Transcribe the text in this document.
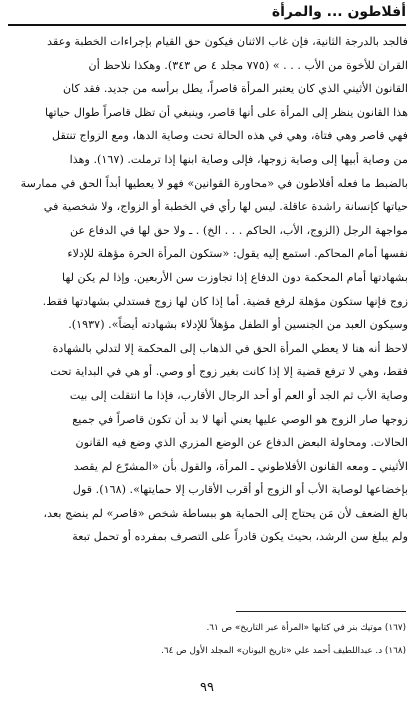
أفلاطون ... والمرأة
فالجد بالدرجة الثانية، فإن غاب الاثنان فيكون حق القيام بإجراءات الخطبة وعقد
القران للأخوة من الأب . . . » (٧٧٥ مجلد ٤ ص ٣٤٣). وهكذا نلاحظ أن
القانون الأثيني الذي كان يعتبر المرأة قاصراً، يطل برأسه من جديد. فقد كان
هذا القانون ينظر إلى المرأة على أنها قاصر، وينبغي أن تظل قاصراً طوال حياتها
فهي قاصر وهي فتاة، وهي في هذه الحالة تحت وصاية الدها، ومع الزواج تنتقل
من وصاية أبيها إلى وصاية زوجها، فإلى وصاية ابنها إذا ترملت. (١٦٧). وهذا
بالضبط ما فعله أفلاطون في «محاورة القوانين» فهو لا يعطيها أبداً الحق في ممارسة
حياتها كإنسانة راشدة عاقلة. ليس لها رأي في الخطبة أو الزواج، ولا شخصية في
مواجهة الرجل (الزوج، الأب، الحاكم . . . الخ) . ـ ولا حق لها في الدفاع عن
نفسها أمام المحاكم. استمع إليه يقول: «ستكون المرأة الحرة مؤهلة للإدلاء
بشهادتها أمام المحكمة دون الدفاع إذا تجاوزت سن الأربعين. وإذا لم يكن لها
زوج فإنها ستكون مؤهلة لرفع قضية. أما إذا كان لها زوج فستدلي بشهادتها فقط.
وسيكون العبد من الجنسين أو الطفل مؤهلاً للإدلاء بشهادته أيضاً». (١٩٣٧).
لاحظ أنه هنا لا يعطي المرأة الحق في الذهاب إلى المحكمة إلا لتدلي بالشهادة
فقط، وهي لا ترفع قضية إلا إذا كانت بغير زوج أو وصي. أو هي في البداية تحت
وصاية الأب ثم الجد أو العم أو أحد الرجال الأقارب، فإذا ما انتقلت إلى بيت
زوجها صار الزوج هو الوصي عليها يعني أنها لا بد أن تكون قاصراً في جميع
الحالات. ومحاولة البعض الدفاع عن الوضع المزري الذي وضع فيه القانون
الأثيني ـ ومعه القانون الأفلاطوني ـ المرأة، والقول بأن «المشرّع لم يقصد
بإخضاعها لوصاية الأب أو الزوج أو أقرب الأقارب إلا حمايتها». (١٦٨). قول
بالغ الضعف لأن مَن يحتاج إلى الحماية هو ببساطة شخص «قاصر» لم ينضج بعد،
ولم يبلغ سن الرشد، بحيث يكون قادراً على التصرف بمفرده أو تحمل تبعة
(١٦٧) موتيك بنر في كتابها «المرأة عبر التاريخ» ص ٦١.
(١٦٨) د. عبداللطيف أحمد علي «تاريخ اليونان» المجلد الأول ص ٦٤.
٩٩
